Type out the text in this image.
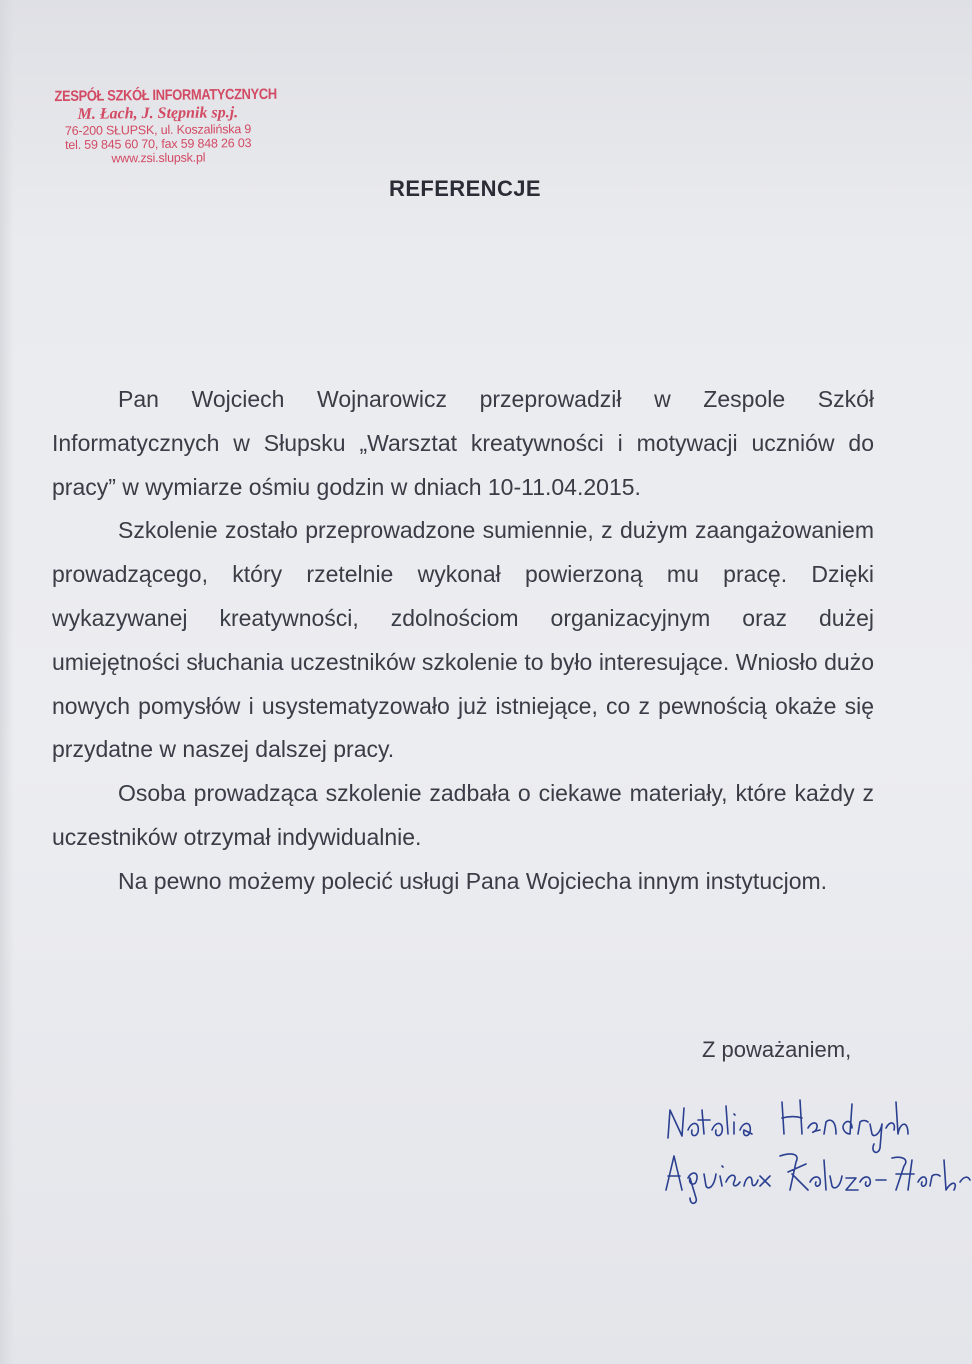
ZESPÓŁ SZKÓŁ INFORMATYCZNYCH
M. Łach, J. Stępnik sp.j.
76-200 SŁUPSK, ul. Koszalińska 9
tel. 59 845 60 70, fax 59 848 26 03
www.zsi.slupsk.pl
REFERENCJE

Pan Wojciech Wojnarowicz przeprowadził w Zespole Szkół Informatycznych w Słupsku „Warsztat kreatywności i motywacji uczniów do pracy” w wymiarze ośmiu godzin w dniach 10-11.04.2015.

Szkolenie zostało przeprowadzone sumiennie, z dużym zaangażowaniem prowadzącego, który rzetelnie wykonał powierzoną mu pracę. Dzięki wykazywanej kreatywności, zdolnościom organizacyjnym oraz dużej umiejętności słuchania uczestników szkolenie to było interesujące. Wniosło dużo nowych pomysłów i usystematyzowało już istniejące, co z pewnością okaże się przydatne w naszej dalszej pracy.

Osoba prowadząca szkolenie zadbała o ciekawe materiały, które każdy z uczestników otrzymał indywidualnie.

Na pewno możemy polecić usługi Pana Wojciecha innym instytucjom.

Z poważaniem,
